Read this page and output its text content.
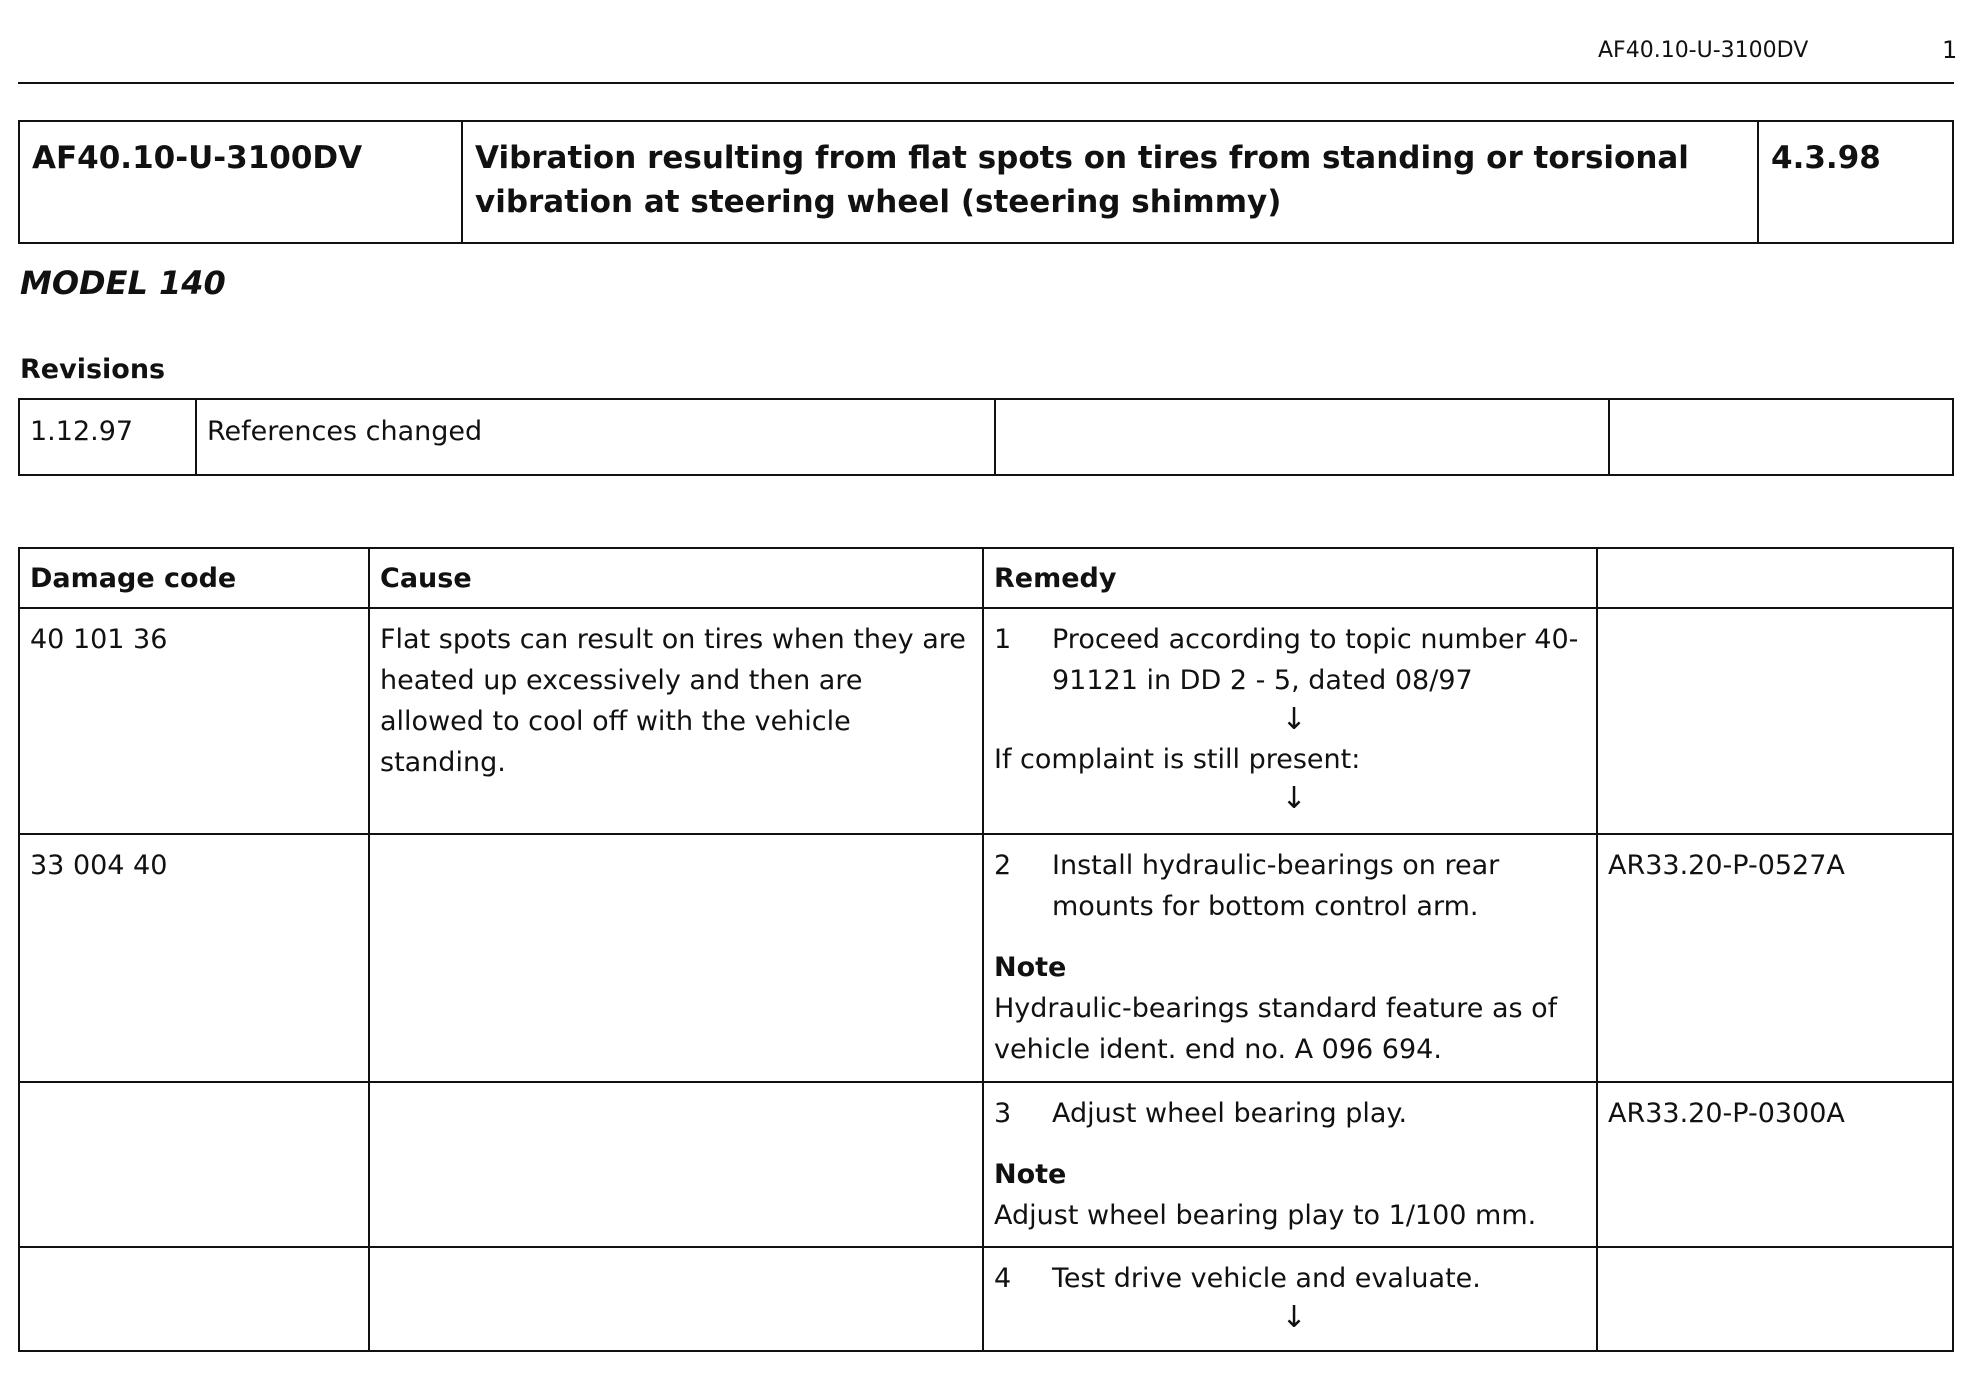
AF40.10-U-3100DV	1
AF40.10-U-3100DV	Vibration resulting from flat spots on tires from standing or torsional vibration at steering wheel (steering shimmy)	4.3.98
MODEL 140
Revisions
1.12.97	References changed		
Damage code	Cause	Remedy	
40 101 36	Flat spots can result on tires when they are heated up excessively and then are allowed to cool off with the vehicle standing.	1 Proceed according to topic number 40-91121 in DD 2 - 5, dated 08/97
↓
If complaint is still present:
↓	

33 004 40		2 Install hydraulic-bearings on rear mounts for bottom control arm.
Note
Hydraulic-bearings standard feature as of vehicle ident. end no. A 096 694.	AR33.20-P-0527A

		3 Adjust wheel bearing play.
Note
Adjust wheel bearing play to 1/100 mm.	AR33.20-P-0300A

		4 Test drive vehicle and evaluate.
↓	
